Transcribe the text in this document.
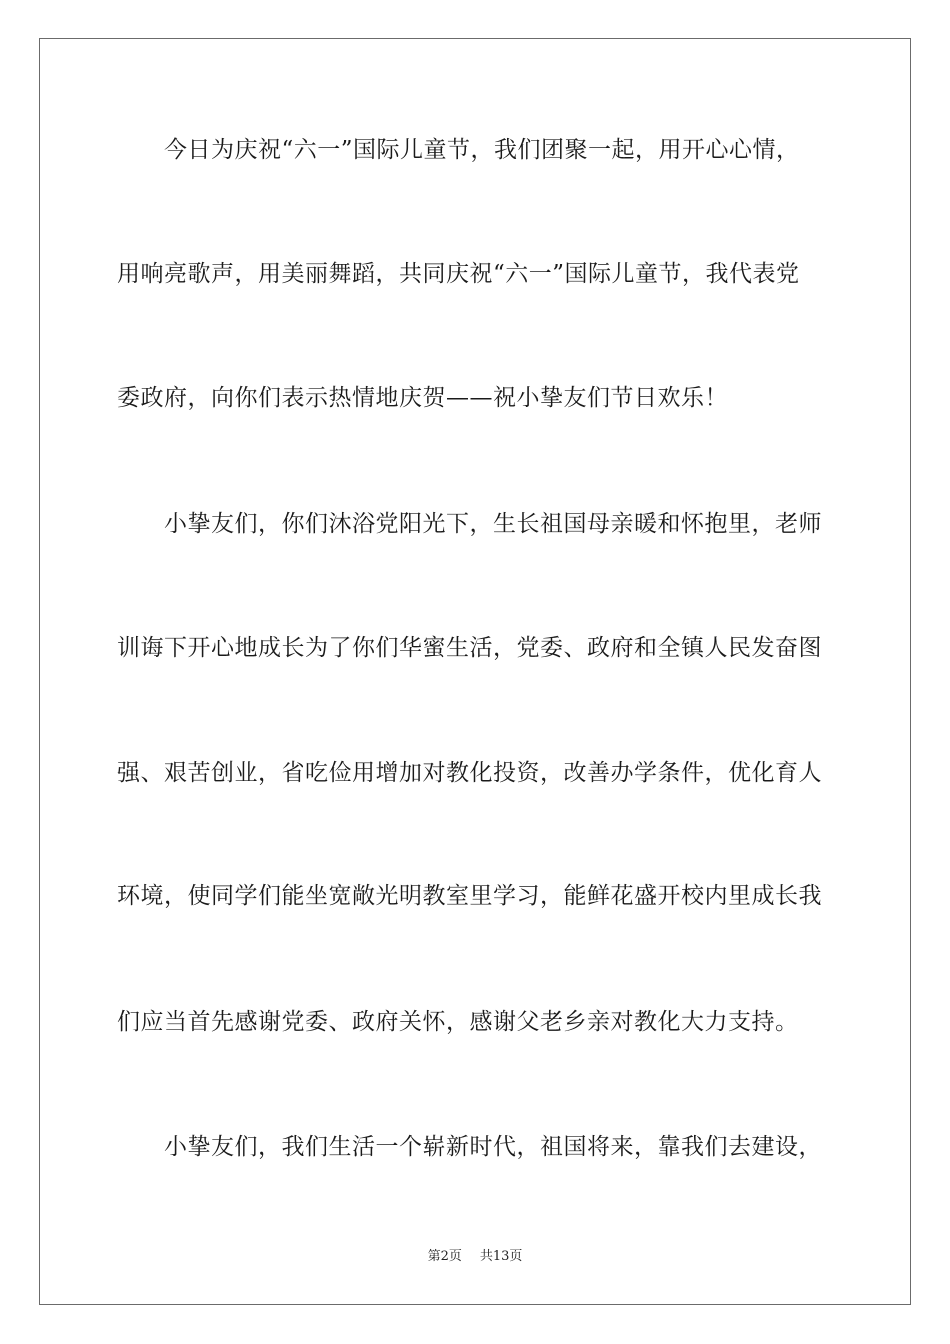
今日为庆祝“六一”国际儿童节，我们团聚一起，用开心心情，
用响亮歌声，用美丽舞蹈，共同庆祝“六一”国际儿童节，我代表党
委政府，向你们表示热情地庆贺——祝小挚友们节日欢乐！
小挚友们，你们沐浴党阳光下，生长祖国母亲暖和怀抱里，老师
训诲下开心地成长为了你们华蜜生活，党委、政府和全镇人民发奋图
强、艰苦创业，省吃俭用增加对教化投资，改善办学条件，优化育人
环境，使同学们能坐宽敞光明教室里学习，能鲜花盛开校内里成长我
们应当首先感谢党委、政府关怀，感谢父老乡亲对教化大力支持。
小挚友们，我们生活一个崭新时代，祖国将来，靠我们去建设，
第2页 共13页
